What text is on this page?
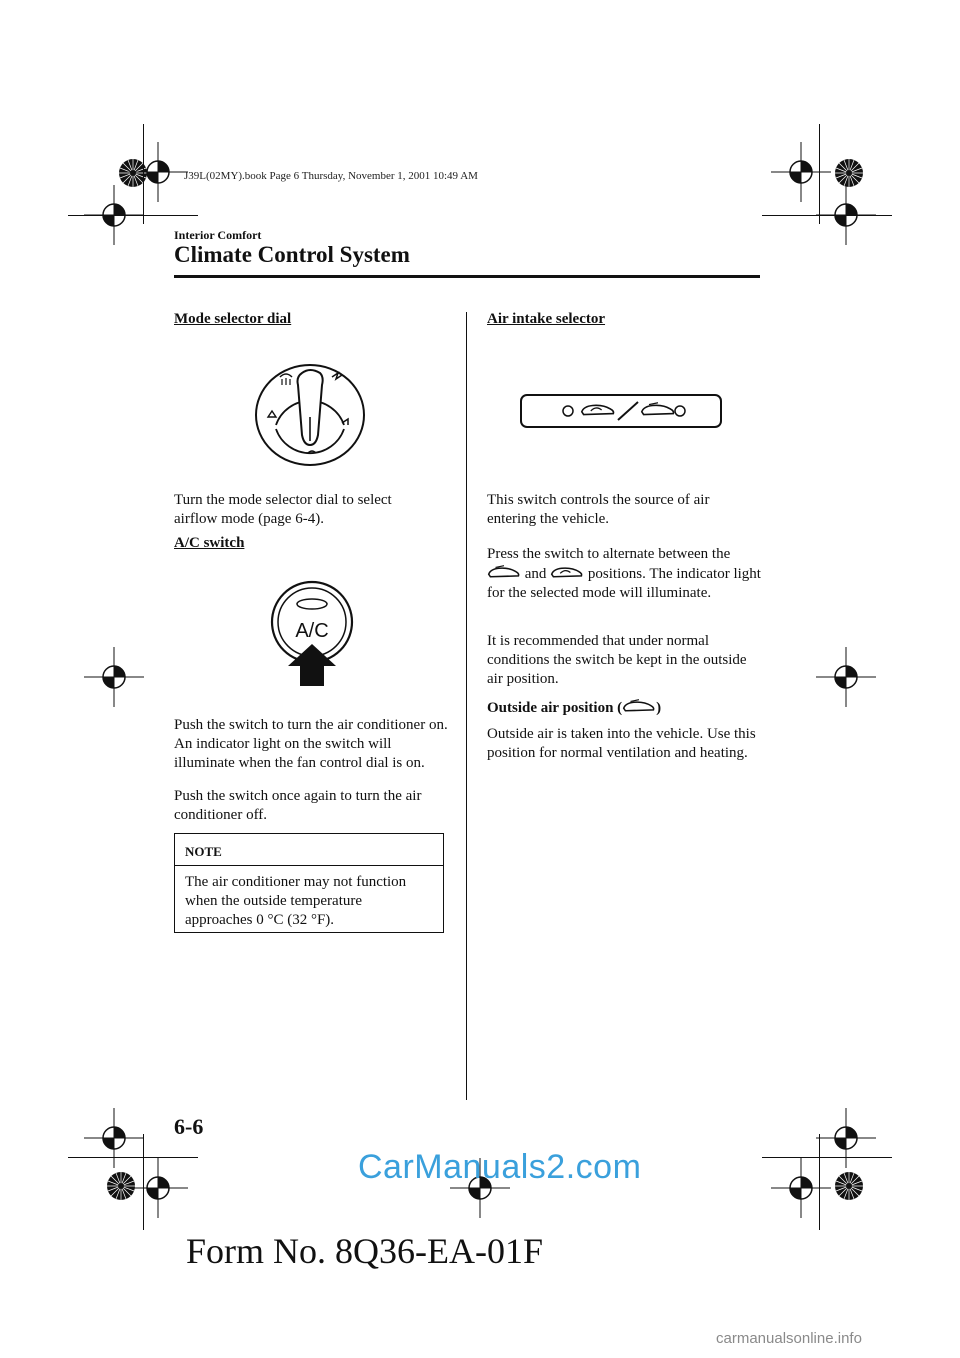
J39L(02MY).book Page 6 Thursday, November 1, 2001 10:49 AM
Interior Comfort
Climate Control System
Mode selector dial

Turn the mode selector dial to select airflow mode (page 6-4).

A/C switch
A/C

Push the switch to turn the air conditioner on. An indicator light on the switch will illuminate when the fan control dial is on.

Push the switch once again to turn the air conditioner off.

NOTE
The air conditioner may not function when the outside temperature approaches 0 °C (32 °F).
Air intake selector

This switch controls the source of air entering the vehicle.

Press the switch to alternate between the
and	positions. The indicator light for the selected mode will illuminate.

It is recommended that under normal conditions the switch be kept in the outside air position.

Outside air position ( )

Outside air is taken into the vehicle. Use this position for normal ventilation and heating.

6-6
CarManuals2.com
Form No. 8Q36-EA-01F
carmanualsonline.info
